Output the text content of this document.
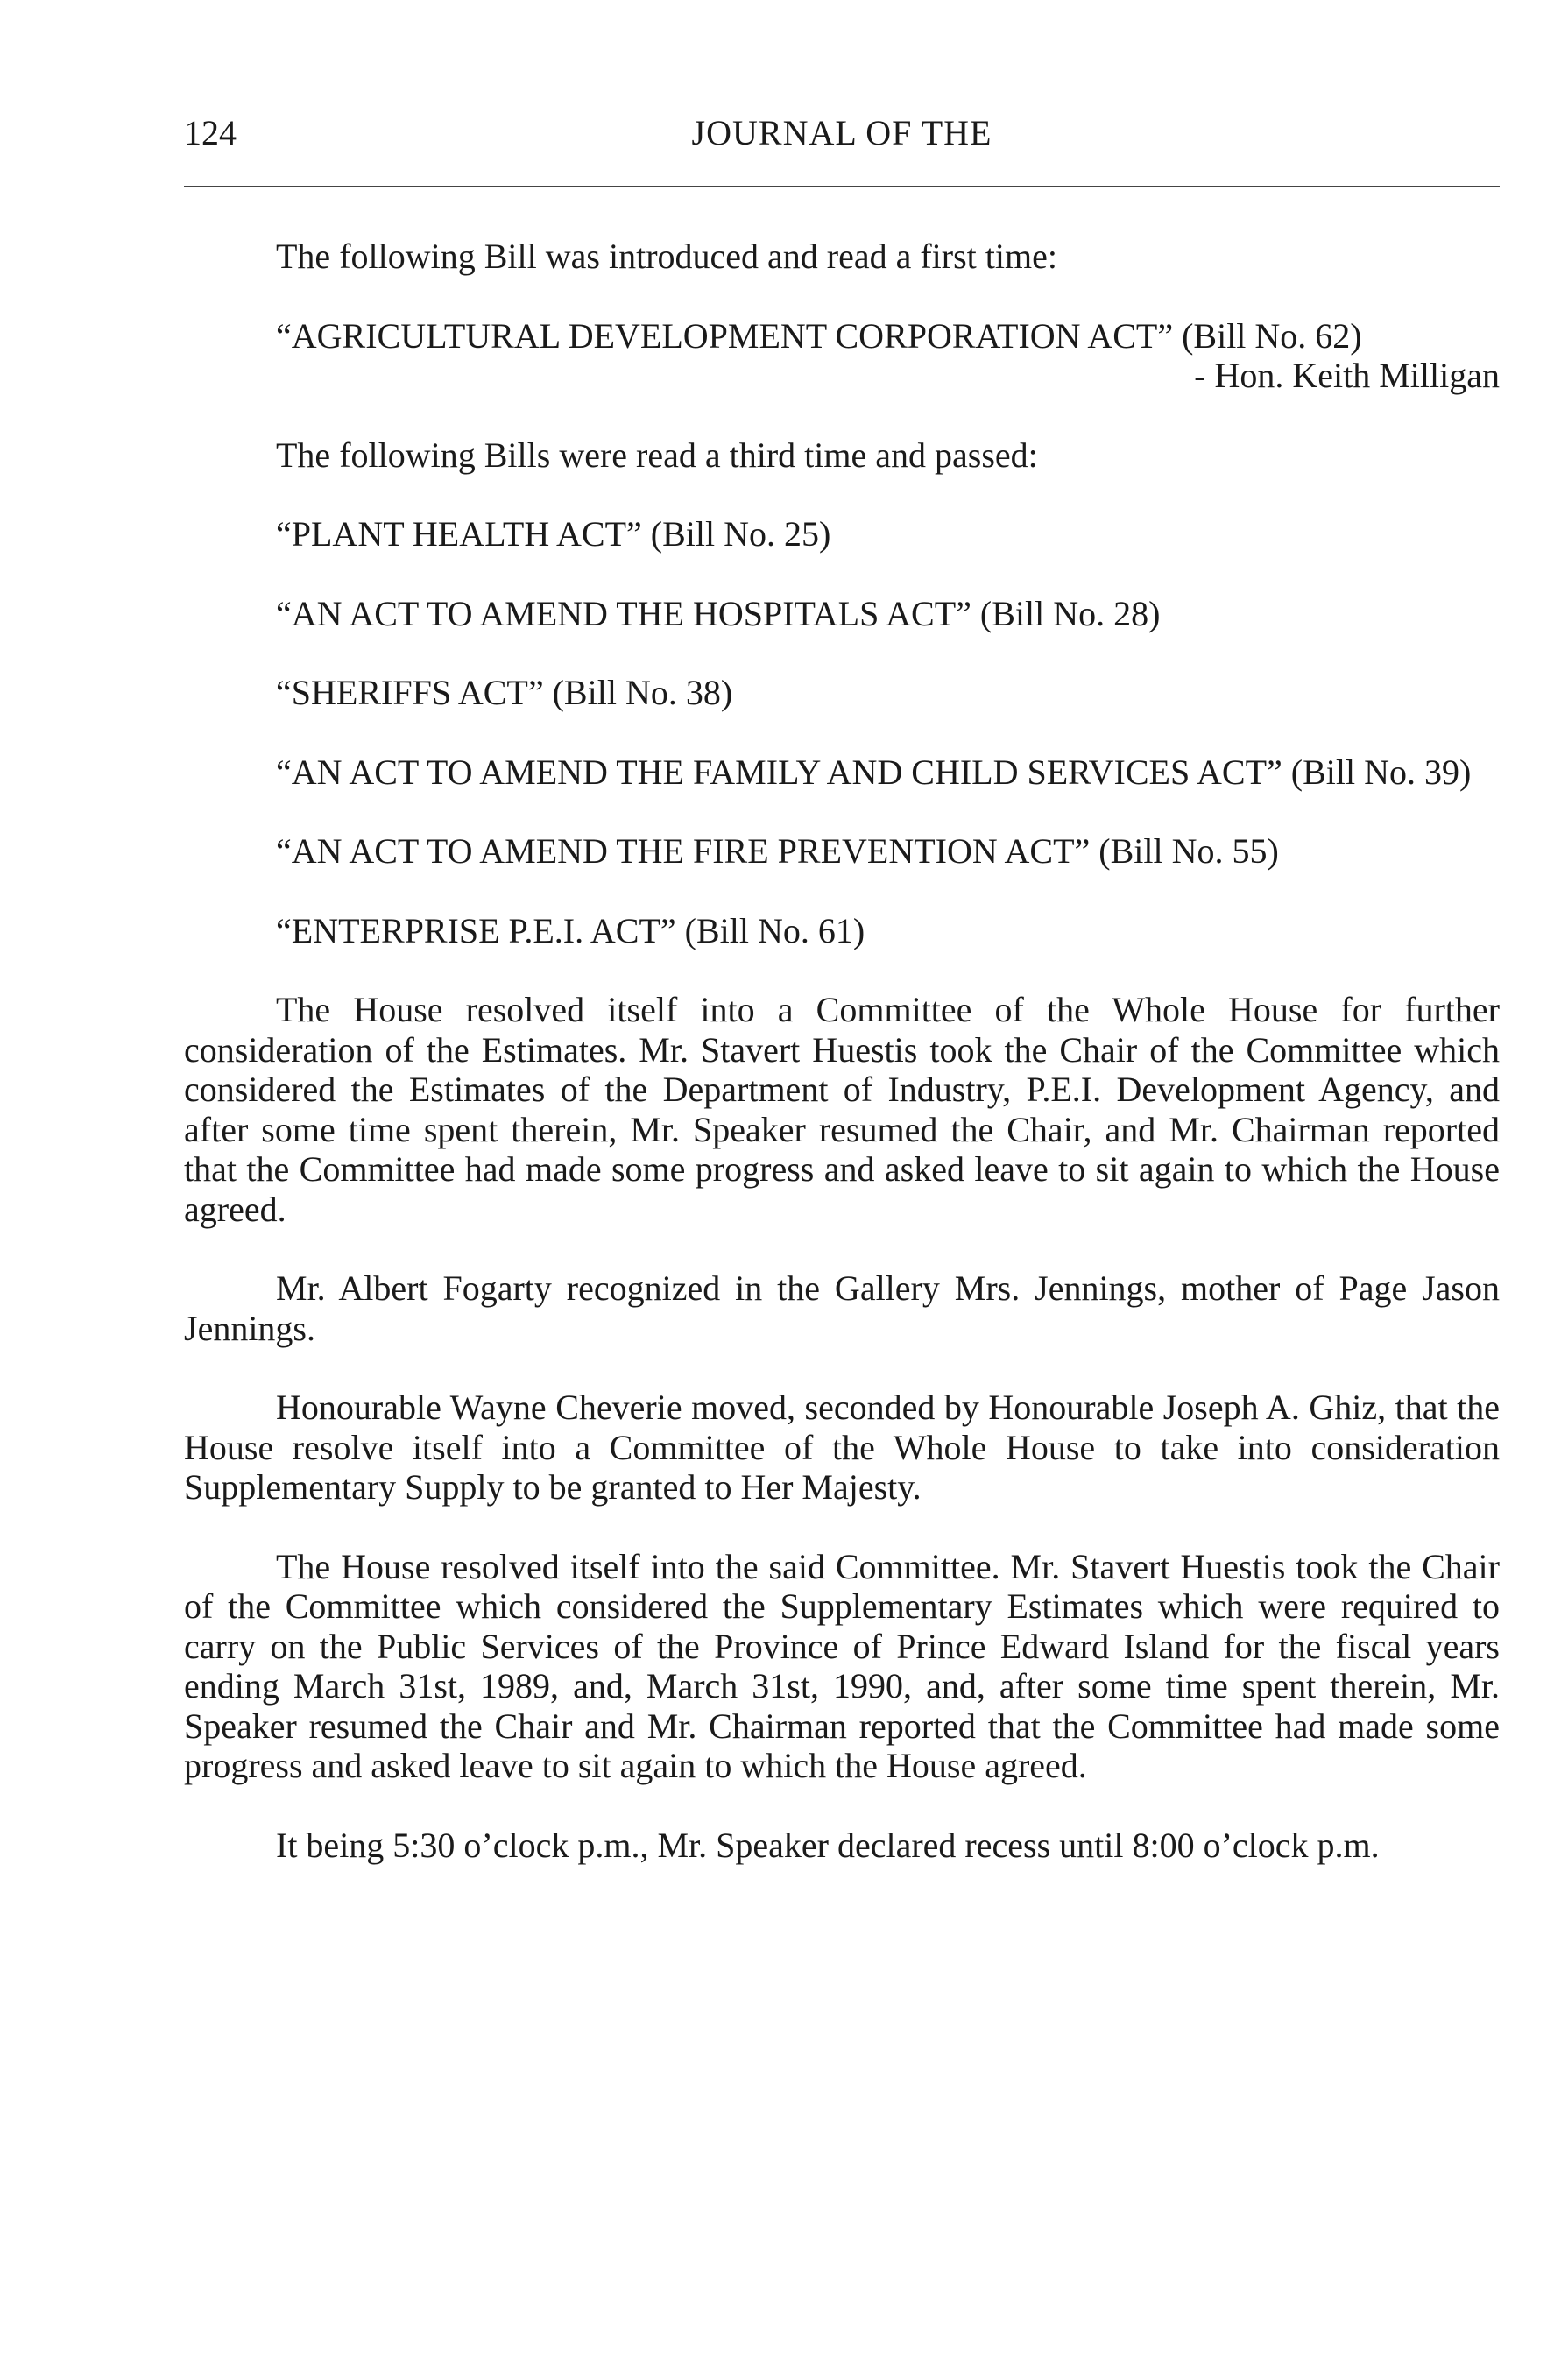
124	JOURNAL OF THE

The following Bill was introduced and read a first time:

“AGRICULTURAL DEVELOPMENT CORPORATION ACT” (Bill No. 62)

- Hon. Keith Milligan

The following Bills were read a third time and passed:

“PLANT HEALTH ACT” (Bill No. 25)

“AN ACT TO AMEND THE HOSPITALS ACT” (Bill No. 28)

“SHERIFFS ACT” (Bill No. 38)

“AN ACT TO AMEND THE FAMILY AND CHILD SERVICES ACT” (Bill No. 39)

“AN ACT TO AMEND THE FIRE PREVENTION ACT” (Bill No. 55)

“ENTERPRISE P.E.I. ACT” (Bill No. 61)

The House resolved itself into a Committee of the Whole House for further consideration of the Estimates. Mr. Stavert Huestis took the Chair of the Committee which considered the Estimates of the Department of Industry, P.E.I. Development Agency, and after some time spent therein, Mr. Speaker resumed the Chair, and Mr. Chairman reported that the Committee had made some progress and asked leave to sit again to which the House agreed.

Mr. Albert Fogarty recognized in the Gallery Mrs. Jennings, mother of Page Jason Jennings.

Honourable Wayne Cheverie moved, seconded by Honourable Joseph A. Ghiz, that the House resolve itself into a Committee of the Whole House to take into consideration Supplementary Supply to be granted to Her Majesty.

The House resolved itself into the said Committee. Mr. Stavert Huestis took the Chair of the Committee which considered the Supplementary Estimates which were required to carry on the Public Services of the Province of Prince Edward Island for the fiscal years ending March 31st, 1989, and, March 31st, 1990, and, after some time spent therein, Mr. Speaker resumed the Chair and Mr. Chairman reported that the Committee had made some progress and asked leave to sit again to which the House agreed.

It being 5:30 o’clock p.m., Mr. Speaker declared recess until 8:00 o’clock p.m.
